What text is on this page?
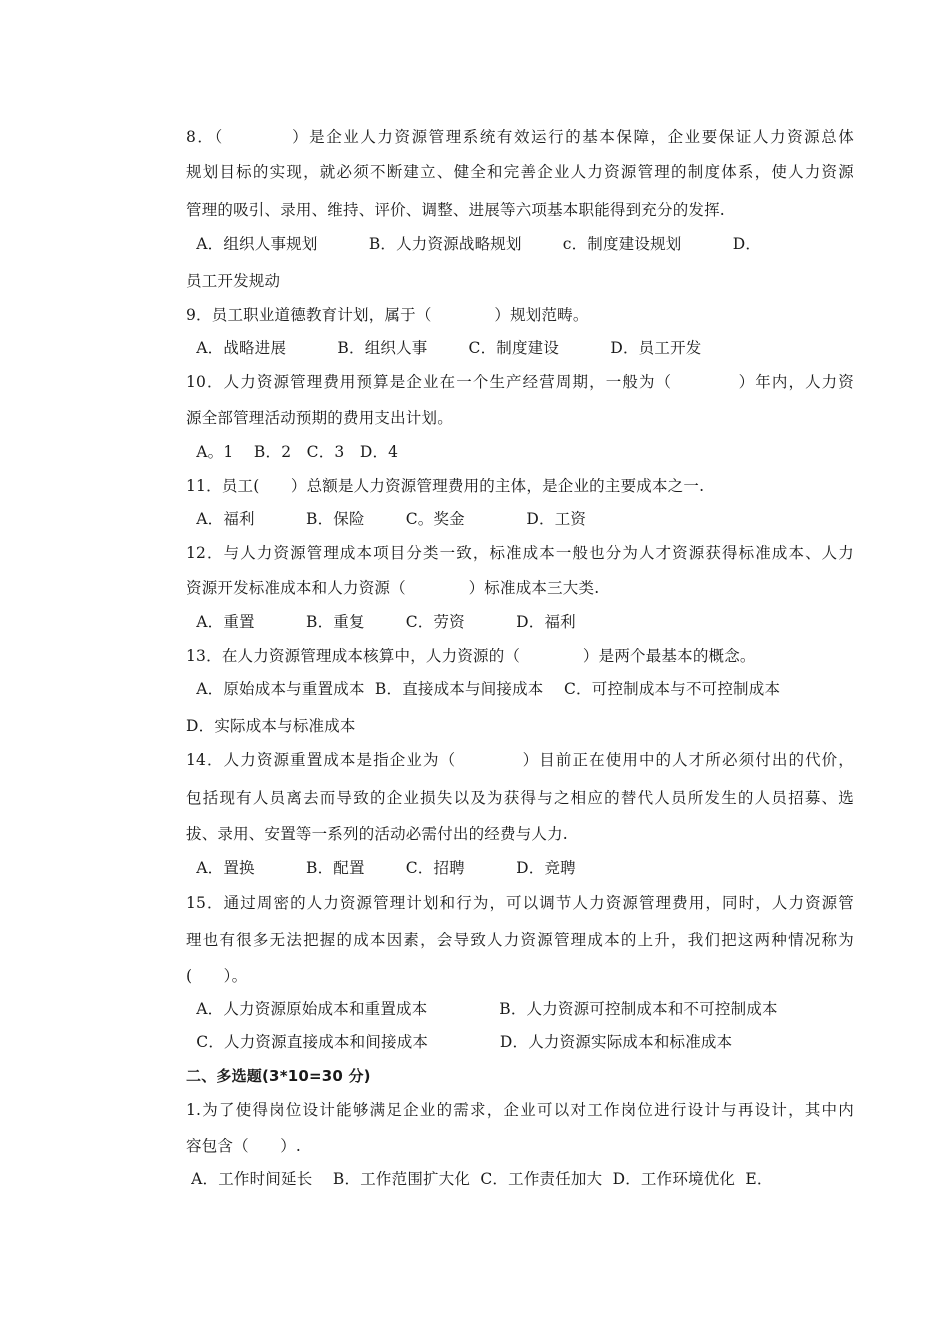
8．（　　　　）是企业人力资源管理系统有效运行的基本保障，企业要保证人力资源总体
规划目标的实现，就必须不断建立、健全和完善企业人力资源管理的制度体系，使人力资源
管理的吸引、录用、维持、评价、调整、进展等六项基本职能得到充分的发挥.
A．组织人事规划          B．人力资源战略规划        c．制度建设规划          D．
员工开发规动
9．员工职业道德教育计划，属于（　　　　）规划范畴。
A．战略进展          B．组织人事        C．制度建设          D．员工开发
10．人力资源管理费用预算是企业在一个生产经营周期，一般为（　　　　）年内，人力资
源全部管理活动预期的费用支出计划。
A。1    B．2   C．3   D．4
11．员工(　　）总额是人力资源管理费用的主体，是企业的主要成本之一.
A．福利          B．保险        C。奖金            D．工资
12．与人力资源管理成本项目分类一致，标准成本一般也分为人才资源获得标准成本、人力
资源开发标准成本和人力资源（　　　　）标准成本三大类.
A．重置          B．重复        C．劳资          D．福利
13．在人力资源管理成本核算中，人力资源的（　　　　）是两个最基本的概念。
A．原始成本与重置成本  B．直接成本与间接成本    C．可控制成本与不可控制成本
D．实际成本与标准成本
14．人力资源重置成本是指企业为（　　　　）目前正在使用中的人才所必须付出的代价，
包括现有人员离去而导致的企业损失以及为获得与之相应的替代人员所发生的人员招募、选
拔、录用、安置等一系列的活动必需付出的经费与人力.
A．置换          B．配置        C．招聘          D．竞聘
15．通过周密的人力资源管理计划和行为，可以调节人力资源管理费用，同时，人力资源管
理也有很多无法把握的成本因素，会导致人力资源管理成本的上升，我们把这两种情况称为
(　　）。
A．人力资源原始成本和重置成本              B．人力资源可控制成本和不可控制成本
C．人力资源直接成本和间接成本              D．人力资源实际成本和标准成本
二、多选题(3*10=30 分)
1.为了使得岗位设计能够满足企业的需求，企业可以对工作岗位进行设计与再设计，其中内
容包含（　　）.
A．工作时间延长    B．工作范围扩大化  C．工作责任加大  D．工作环境优化  E．
